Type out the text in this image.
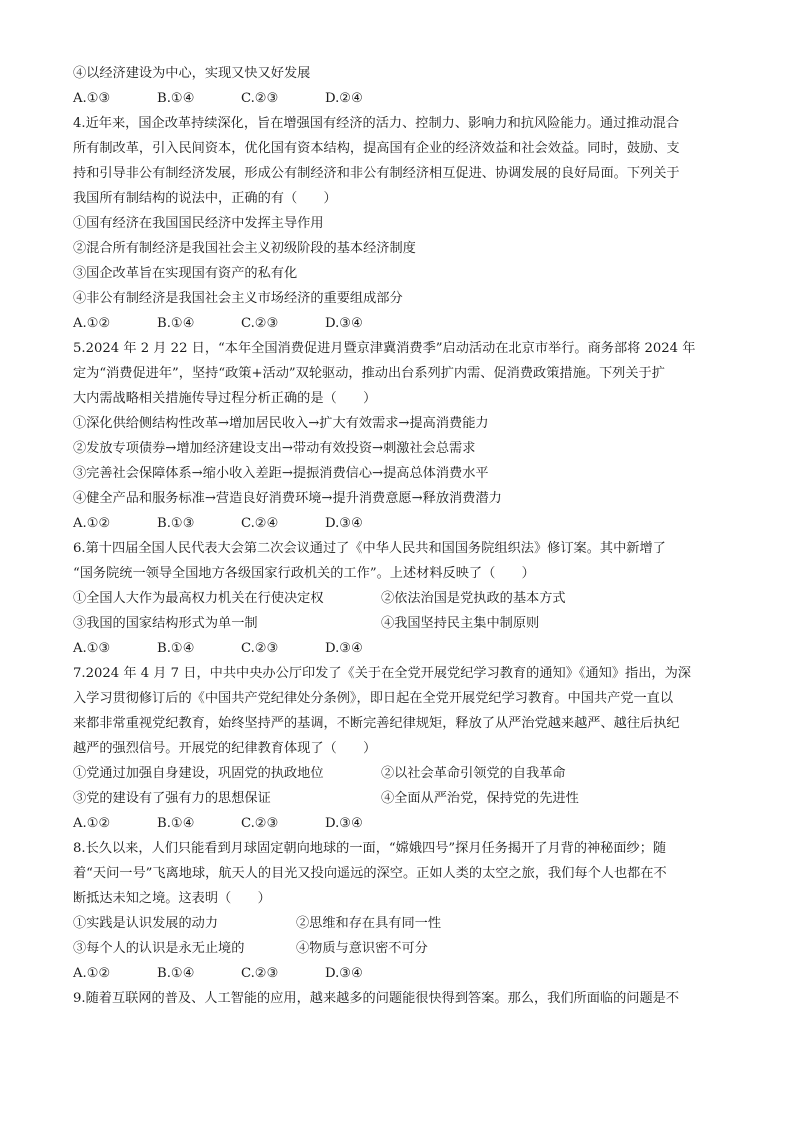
④以经济建设为中心，实现又快又好发展
A.①③	B.①④	C.②③	D.②④
4.近年来，国企改革持续深化，旨在增强国有经济的活力、控制力、影响力和抗风险能力。通过推动混合
所有制改革，引入民间资本，优化国有资本结构，提高国有企业的经济效益和社会效益。同时，鼓励、支
持和引导非公有制经济发展，形成公有制经济和非公有制经济相互促进、协调发展的良好局面。下列关于
我国所有制结构的说法中，正确的有（　　）
①国有经济在我国国民经济中发挥主导作用
②混合所有制经济是我国社会主义初级阶段的基本经济制度
③国企改革旨在实现国有资产的私有化
④非公有制经济是我国社会主义市场经济的重要组成部分
A.①②	B.①④	C.②③	D.③④
5.2024 年 2 月 22 日，“本年全国消费促进月暨京津冀消费季”启动活动在北京市举行。商务部将 2024 年
定为“消费促进年”，坚持“政策+活动”双轮驱动，推动出台系列扩内需、促消费政策措施。下列关于扩
大内需战略相关措施传导过程分析正确的是（　　）
①深化供给侧结构性改革→增加居民收入→扩大有效需求→提高消费能力
②发放专项债券→增加经济建设支出→带动有效投资→刺激社会总需求
③完善社会保障体系→缩小收入差距→提振消费信心→提高总体消费水平
④健全产品和服务标准→营造良好消费环境→提升消费意愿→释放消费潜力
A.①②	B.①③	C.②④	D.③④
6.第十四届全国人民代表大会第二次会议通过了《中华人民共和国国务院组织法》修订案。其中新增了
“国务院统一领导全国地方各级国家行政机关的工作”。上述材料反映了（　　）
①全国人大作为最高权力机关在行使决定权	②依法治国是党执政的基本方式
③我国的国家结构形式为单一制	④我国坚持民主集中制原则
A.①③	B.①④	C.②③	D.③④
7.2024 年 4 月 7 日，中共中央办公厅印发了《关于在全党开展党纪学习教育的通知》《通知》指出，为深
入学习贯彻修订后的《中国共产党纪律处分条例》，即日起在全党开展党纪学习教育。中国共产党一直以
来都非常重视党纪教育，始终坚持严的基调，不断完善纪律规矩，释放了从严治党越来越严、越往后执纪
越严的强烈信号。开展党的纪律教育体现了（　　）
①党通过加强自身建设，巩固党的执政地位	②以社会革命引领党的自我革命
③党的建设有了强有力的思想保证	④全面从严治党，保持党的先进性
A.①②	B.①④	C.②③	D.③④
8.长久以来，人们只能看到月球固定朝向地球的一面，“嫦娥四号”探月任务揭开了月背的神秘面纱；随
着“天问一号”飞离地球，航天人的目光又投向遥远的深空。正如人类的太空之旅，我们每个人也都在不
断抵达未知之境。这表明（　　）
①实践是认识发展的动力	②思维和存在具有同一性
③每个人的认识是永无止境的	④物质与意识密不可分
A.①②	B.①④	C.②③	D.③④
9.随着互联网的普及、人工智能的应用，越来越多的问题能很快得到答案。那么，我们所面临的问题是不
